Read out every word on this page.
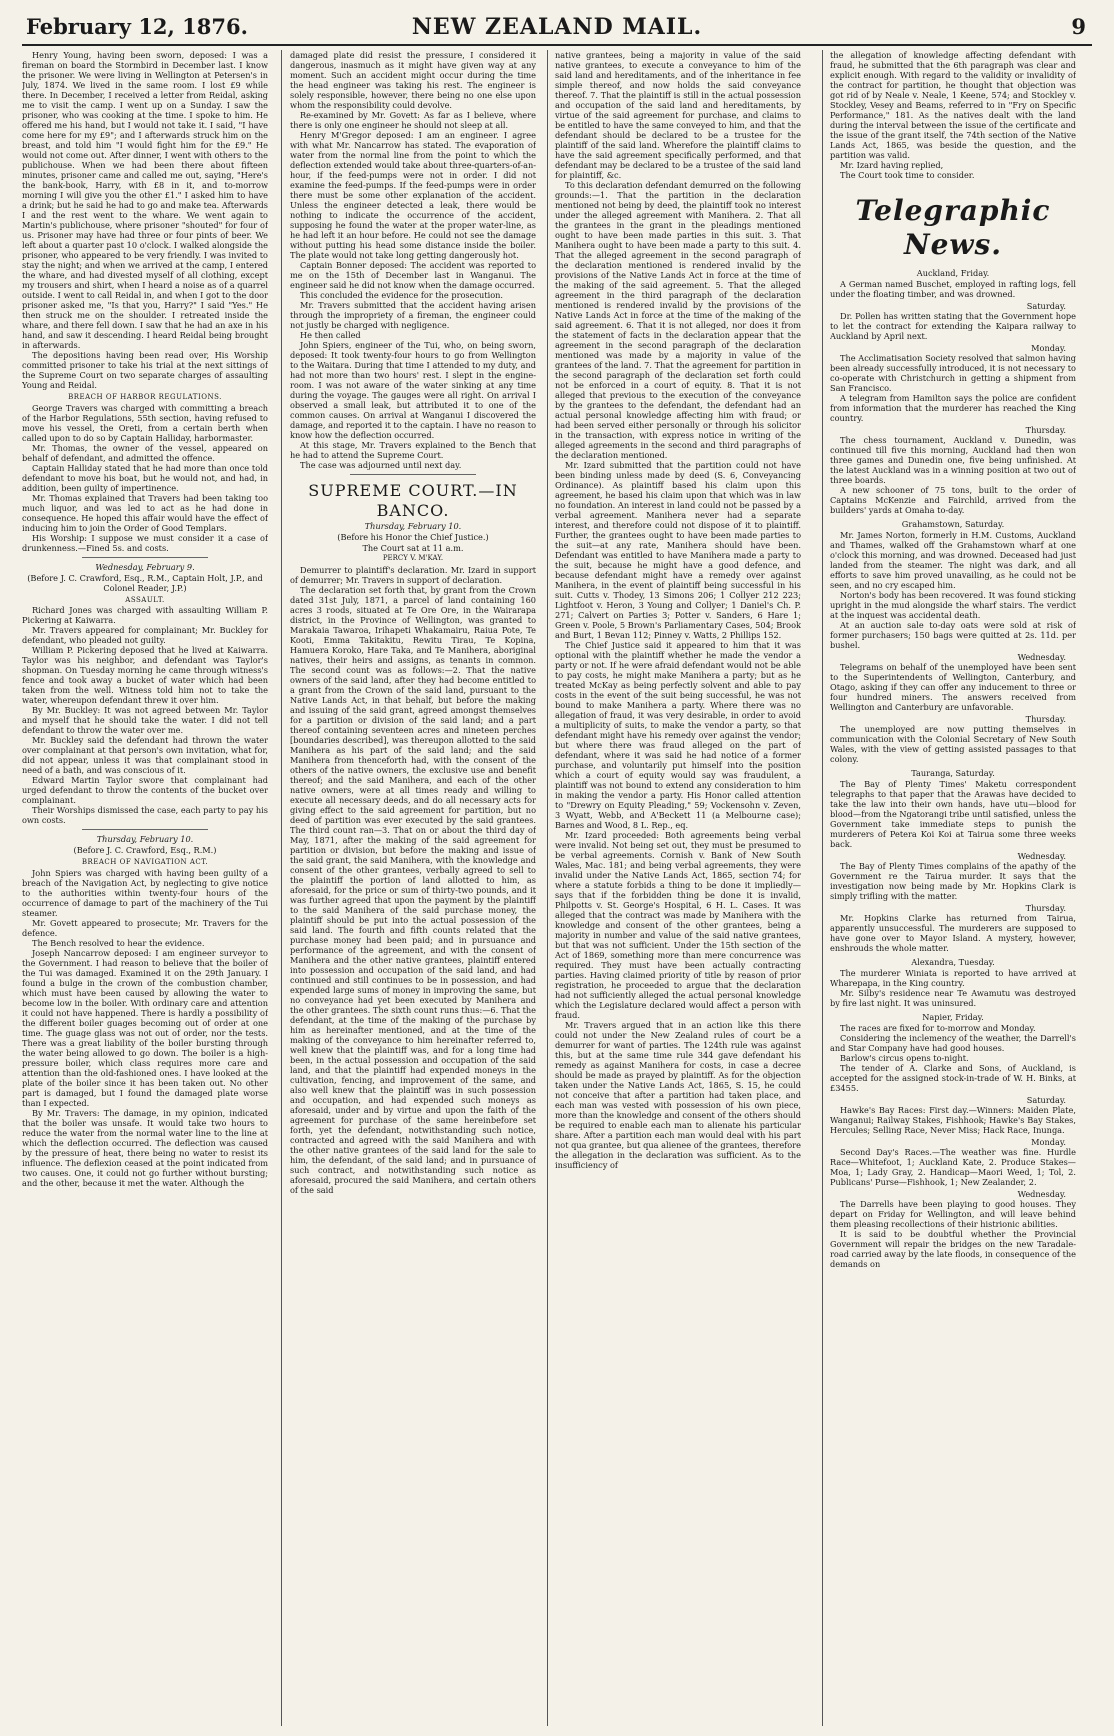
February 12, 1876.	NEW ZEALAND MAIL.	9

Henry Young, having been sworn, deposed: I was a fireman on board the Stormbird in December last. I know the prisoner. We were living in Wellington at Petersen's in July, 1874. We lived in the same room. I lost £9 while there. In December, I received a letter from Reidal, asking me to visit the camp. I went up on a Sunday. I saw the prisoner, who was cooking at the time. I spoke to him. He offered me his hand, but I would not take it. I said, "I have come here for my £9"; and I afterwards struck him on the breast, and told him "I would fight him for the £9." He would not come out. After dinner, I went with others to the publichouse. When we had been there about fifteen minutes, prisoner came and called me out, saying, "Here's the bank-book, Harry, with £8 in it, and to-morrow morning I will give you the other £1." I asked him to have a drink; but he said he had to go and make tea. Afterwards I and the rest went to the whare. We went again to Martin's publichouse, where prisoner "shouted" for four of us. Prisoner may have had three or four pints of beer. We left about a quarter past 10 o'clock. I walked alongside the prisoner, who appeared to be very friendly. I was invited to stay the night; and when we arrived at the camp, I entered the whare, and had divested myself of all clothing, except my trousers and shirt, when I heard a noise as of a quarrel outside. I went to call Reidal in, and when I got to the door prisoner asked me, "Is that you, Harry?" I said "Yes." He then struck me on the shoulder. I retreated inside the whare, and there fell down. I saw that he had an axe in his hand, and saw it descending. I heard Reidal being brought in afterwards.

The depositions having been read over, His Worship committed prisoner to take his trial at the next sittings of the Supreme Court on two separate charges of assaulting Young and Reidal.

BREACH OF HARBOR REGULATIONS.

George Travers was charged with committing a breach of the Harbor Regulations, 55th section, having refused to move his vessel, the Oreti, from a certain berth when called upon to do so by Captain Halliday, harbormaster.

Mr. Thomas, the owner of the vessel, appeared on behalf of defendant, and admitted the offence.

Captain Halliday stated that he had more than once told defendant to move his boat, but he would not, and had, in addition, been guilty of impertinence.

Mr. Thomas explained that Travers had been taking too much liquor, and was led to act as he had done in consequence. He hoped this affair would have the effect of inducing him to join the Order of Good Templars.

His Worship: I suppose we must consider it a case of drunkenness.—Fined 5s. and costs.

Wednesday, February 9.
(Before J. C. Crawford, Esq., R.M., Captain Holt, J.P., and Colonel Reader, J.P.)
ASSAULT.

Richard Jones was charged with assaulting William P. Pickering at Kaiwarra.

Mr. Travers appeared for complainant; Mr. Buckley for defendant, who pleaded not guilty.

William P. Pickering deposed that he lived at Kaiwarra. Taylor was his neighbor, and defendant was Taylor's shopman. On Tuesday morning he came through witness's fence and took away a bucket of water which had been taken from the well. Witness told him not to take the water, whereupon defendant threw it over him.

By Mr. Buckley: It was not agreed between Mr. Taylor and myself that he should take the water. I did not tell defendant to throw the water over me.

Mr. Buckley said the defendant had thrown the water over complainant at that person's own invitation, what for, did not appear, unless it was that complainant stood in need of a bath, and was conscious of it.

Edward Martin Taylor swore that complainant had urged defendant to throw the contents of the bucket over complainant.

Their Worships dismissed the case, each party to pay his own costs.

Thursday, February 10.
(Before J. C. Crawford, Esq., R.M.)
BREACH OF NAVIGATION ACT.

John Spiers was charged with having been guilty of a breach of the Navigation Act, by neglecting to give notice to the authorities within twenty-four hours of the occurrence of damage to part of the machinery of the Tui steamer.

Mr. Govett appeared to prosecute; Mr. Travers for the defence.

The Bench resolved to hear the evidence.

Joseph Nancarrow deposed: I am engineer surveyor to the Government. I had reason to believe that the boiler of the Tui was damaged. Examined it on the 29th January. I found a bulge in the crown of the combustion chamber, which must have been caused by allowing the water to become low in the boiler. With ordinary care and attention it could not have happened. There is hardly a possibility of the different boiler guages becoming out of order at one time. The guage glass was not out of order, nor the tests. There was a great liability of the boiler bursting through the water being allowed to go down. The boiler is a high-pressure boiler, which class requires more care and attention than the old-fashioned ones. I have looked at the plate of the boiler since it has been taken out. No other part is damaged, but I found the damaged plate worse than I expected.

By Mr. Travers: The damage, in my opinion, indicated that the boiler was unsafe. It would take two hours to reduce the water from the normal water line to the line at which the deflection occurred. The deflection was caused by the pressure of heat, there being no water to resist its influence. The deflexion ceased at the point indicated from two causes. One, it could not go further without bursting; and the other, because it met the water. Although the

damaged plate did resist the pressure, I considered it dangerous, inasmuch as it might have given way at any moment. Such an accident might occur during the time the head engineer was taking his rest. The engineer is solely responsible, however, there being no one else upon whom the responsibility could devolve.

Re-examined by Mr. Govett: As far as I believe, where there is only one engineer he should not sleep at all.

Henry M'Gregor deposed: I am an engineer. I agree with what Mr. Nancarrow has stated. The evaporation of water from the normal line from the point to which the deflection extended would take about three-quarters-of-an-hour, if the feed-pumps were not in order. I did not examine the feed-pumps. If the feed-pumps were in order there must be some other explanation of the accident. Unless the engineer detected a leak, there would be nothing to indicate the occurrence of the accident, supposing he found the water at the proper water-line, as he had left it an hour before. He could not see the damage without putting his head some distance inside the boiler. The plate would not take long getting dangerously hot.

Captain Bonner deposed: The accident was reported to me on the 15th of December last in Wanganui. The engineer said he did not know when the damage occurred.

This concluded the evidence for the prosecution.

Mr. Travers submitted that the accident having arisen through the impropriety of a fireman, the engineer could not justly be charged with negligence.

He then called

John Spiers, engineer of the Tui, who, on being sworn, deposed: It took twenty-four hours to go from Wellington to the Waitara. During that time I attended to my duty, and had not more than two hours' rest. I slept in the engine-room. I was not aware of the water sinking at any time during the voyage. The gauges were all right. On arrival I observed a small leak, but attributed it to one of the common causes. On arrival at Wanganui I discovered the damage, and reported it to the captain. I have no reason to know how the deflection occurred.

At this stage, Mr. Travers explained to the Bench that he had to attend the Supreme Court.

The case was adjourned until next day.

SUPREME COURT.—IN BANCO.
Thursday, February 10.
(Before his Honor the Chief Justice.)
The Court sat at 11 a.m.
PERCY V. M'KAY.

Demurrer to plaintiff's declaration. Mr. Izard in support of demurrer; Mr. Travers in support of declaration.

The declaration set forth that, by grant from the Crown dated 31st July, 1871, a parcel of land containing 160 acres 3 roods, situated at Te Ore Ore, in the Wairarapa district, in the Province of Wellington, was granted to Marakaia Tawaroa, Irihapeti Whakamairu, Raiua Pote, Te Kooti, Emma Takitakitu, Rewitu Tirau, Te Kopina, Hamuera Koroko, Hare Taka, and Te Manihera, aboriginal natives, their heirs and assigns, as tenants in common. The second count was as follows:—2. That the native owners of the said land, after they had become entitled to a grant from the Crown of the said land, pursuant to the Native Lands Act, in that behalf, but before the making and issuing of the said grant, agreed amongst themselves for a partition or division of the said land; and a part thereof containing seventeen acres and nineteen perches [boundaries described], was thereupon allotted to the said Manihera as his part of the said land; and the said Manihera from thenceforth had, with the consent of the others of the native owners, the exclusive use and benefit thereof; and the said Manihera, and each of the other native owners, were at all times ready and willing to execute all necessary deeds, and do all necessary acts for giving effect to the said agreement for partition, but no deed of partition was ever executed by the said grantees. The third count ran—3. That on or about the third day of May, 1871, after the making of the said agreement for partition or division, but before the making and issue of the said grant, the said Manihera, with the knowledge and consent of the other grantees, verbally agreed to sell to the plaintiff the portion of land allotted to him, as aforesaid, for the price or sum of thirty-two pounds, and it was further agreed that upon the payment by the plaintiff to the said Manihera of the said purchase money, the plaintiff should be put into the actual possession of the said land. The fourth and fifth counts related that the purchase money had been paid; and in pursuance and performance of the agreement, and with the consent of Manihera and the other native grantees, plaintiff entered into possession and occupation of the said land, and had continued and still continues to be in possession, and had expended large sums of money in improving the same, but no conveyance had yet been executed by Manihera and the other grantees. The sixth count runs thus:—6. That the defendant, at the time of the making of the purchase by him as hereinafter mentioned, and at the time of the making of the conveyance to him hereinafter referred to, well knew that the plaintiff was, and for a long time had been, in the actual possession and occupation of the said land, and that the plaintiff had expended moneys in the cultivation, fencing, and improvement of the same, and also well knew that the plaintiff was in such possession and occupation, and had expended such moneys as aforesaid, under and by virtue and upon the faith of the agreement for purchase of the same hereinbefore set forth, yet the defendant, notwithstanding such notice, contracted and agreed with the said Manihera and with the other native grantees of the said land for the sale to him, the defendant, of the said land; and in pursuance of such contract, and notwithstanding such notice as aforesaid, procured the said Manihera, and certain others of the said

native grantees, being a majority in value of the said native grantees, to execute a conveyance to him of the said land and hereditaments, and of the inheritance in fee simple thereof, and now holds the said conveyance thereof. 7. That the plaintiff is still in the actual possession and occupation of the said land and hereditaments, by virtue of the said agreement for purchase, and claims to be entitled to have the same conveyed to him, and that the defendant should be declared to be a trustee for the plaintiff of the said land. Wherefore the plaintiff claims to have the said agreement specifically performed, and that defendant may be declared to be a trustee of the said land for plaintiff, &c.

To this declaration defendant demurred on the following grounds:—1. That the partition in the declaration mentioned not being by deed, the plaintiff took no interest under the alleged agreement with Manihera. 2. That all the grantees in the grant in the pleadings mentioned ought to have been made parties in this suit. 3. That Manihera ought to have been made a party to this suit. 4. That the alleged agreement in the second paragraph of the declaration mentioned is rendered invalid by the provisions of the Native Lands Act in force at the time of the making of the said agreement. 5. That the alleged agreement in the third paragraph of the declaration mentioned is rendered invalid by the provisions of the Native Lands Act in force at the time of the making of the said agreement. 6. That it is not alleged, nor does it from the statement of facts in the declaration appear that the agreement in the second paragraph of the declaration mentioned was made by a majority in value of the grantees of the land. 7. That the agreement for partition in the second paragraph of the declaration set forth could not be enforced in a court of equity. 8. That it is not alleged that previous to the execution of the conveyance by the grantees to the defendant, the defendant had an actual personal knowledge affecting him with fraud; or had been served either personally or through his solicitor in the transaction, with express notice in writing of the alleged agreements in the second and third paragraphs of the declaration mentioned.

Mr. Izard submitted that the partition could not have been binding unless made by deed (S. 6, Conveyancing Ordinance). As plaintiff based his claim upon this agreement, he based his claim upon that which was in law no foundation. An interest in land could not be passed by a verbal agreement. Manihera never had a separate interest, and therefore could not dispose of it to plaintiff. Further, the grantees ought to have been made parties to the suit—at any rate, Manihera should have been. Defendant was entitled to have Manihera made a party to the suit, because he might have a good defence, and because defendant might have a remedy over against Manihera, in the event of plaintiff being successful in his suit. Cutts v. Thodey, 13 Simons 206; 1 Collyer 212 223; Lightfoot v. Heron, 3 Young and Collyer; 1 Daniel's Ch. P. 271; Calvert on Parties 3; Potter v. Sanders, 6 Hare 1; Green v. Poole, 5 Brown's Parliamentary Cases, 504; Brook and Burt, 1 Bevan 112; Pinney v. Watts, 2 Phillips 152.

The Chief Justice said it appeared to him that it was optional with the plaintiff whether he made the vendor a party or not. If he were afraid defendant would not be able to pay costs, he might make Manihera a party; but as he treated McKay as being perfectly solvent and able to pay costs in the event of the suit being successful, he was not bound to make Manihera a party. Where there was no allegation of fraud, it was very desirable, in order to avoid a multiplicity of suits, to make the vendor a party, so that defendant might have his remedy over against the vendor; but where there was fraud alleged on the part of defendant, where it was said he had notice of a former purchase, and voluntarily put himself into the position which a court of equity would say was fraudulent, a plaintiff was not bound to extend any consideration to him in making the vendor a party. His Honor called attention to "Drewry on Equity Pleading," 59; Vockensohn v. Zeven, 3 Wyatt, Webb, and A'Beckett 11 (a Melbourne case); Barnes and Wood, 8 L. Rep., eq.

Mr. Izard proceeded: Both agreements being verbal were invalid. Not being set out, they must be presumed to be verbal agreements. Cornish v. Bank of New South Wales, Mac. 181; and being verbal agreements, they were invalid under the Native Lands Act, 1865, section 74; for where a statute forbids a thing to be done it impliedly—says that if the forbidden thing be done it is invalid, Philpotts v. St. George's Hospital, 6 H. L. Cases. It was alleged that the contract was made by Manihera with the knowledge and consent of the other grantees, being a majority in number and value of the said native grantees, but that was not sufficient. Under the 15th section of the Act of 1869, something more than mere concurrence was required. They must have been actually contracting parties. Having claimed priority of title by reason of prior registration, he proceeded to argue that the declaration had not sufficiently alleged the actual personal knowledge which the Legislature declared would affect a person with fraud.

Mr. Travers argued that in an action like this there could not under the New Zealand rules of court be a demurrer for want of parties. The 124th rule was against this, but at the same time rule 344 gave defendant his remedy as against Manihera for costs, in case a decree should be made as prayed by plaintiff. As for the objection taken under the Native Lands Act, 1865, S. 15, he could not conceive that after a partition had taken place, and each man was vested with possession of his own piece, more than the knowledge and consent of the others should be required to enable each man to alienate his particular share. After a partition each man would deal with his part not qua grantee, but qua alienee of the grantees, therefore the allegation in the declaration was sufficient. As to the insufficiency of

the allegation of knowledge affecting defendant with fraud, he submitted that the 6th paragraph was clear and explicit enough. With regard to the validity or invalidity of the contract for partition, he thought that objection was got rid of by Neale v. Neale, 1 Keene, 574; and Stockley v. Stockley, Vesey and Beams, referred to in "Fry on Specific Performance," 181. As the natives dealt with the land during the interval between the issue of the certificate and the issue of the grant itself, the 74th section of the Native Lands Act, 1865, was beside the question, and the partition was valid.

Mr. Izard having replied,

The Court took time to consider.

Telegraphic News.
Auckland, Friday.

A German named Buschet, employed in rafting logs, fell under the floating timber, and was drowned.

Saturday.

Dr. Pollen has written stating that the Government hope to let the contract for extending the Kaipara railway to Auckland by April next.

Monday.

The Acclimatisation Society resolved that salmon having been already successfully introduced, it is not necessary to co-operate with Christchurch in getting a shipment from San Francisco.

A telegram from Hamilton says the police are confident from information that the murderer has reached the King country.

Thursday.

The chess tournament, Auckland v. Dunedin, was continued till five this morning, Auckland had then won three games and Dunedin one, five being unfinished. At the latest Auckland was in a winning position at two out of three boards.

A new schooner of 75 tons, built to the order of Captains McKenzie and Fairchild, arrived from the builders' yards at Omaha to-day.

Grahamstown, Saturday.

Mr. James Norton, formerly in H.M. Customs, Auckland and Thames, walked off the Grahamstown wharf at one o'clock this morning, and was drowned. Deceased had just landed from the steamer. The night was dark, and all efforts to save him proved unavailing, as he could not be seen, and no cry escaped him.

Norton's body has been recovered. It was found sticking upright in the mud alongside the wharf stairs. The verdict at the inquest was accidental death.

At an auction sale to-day oats were sold at risk of former purchasers; 150 bags were quitted at 2s. 11d. per bushel.

Wednesday.

Telegrams on behalf of the unemployed have been sent to the Superintendents of Wellington, Canterbury, and Otago, asking if they can offer any inducement to three or four hundred miners. The answers received from Wellington and Canterbury are unfavorable.

Thursday.

The unemployed are now putting themselves in communication with the Colonial Secretary of New South Wales, with the view of getting assisted passages to that colony.

Tauranga, Saturday.

The Bay of Plenty Times' Maketu correspondent telegraphs to that paper that the Arawas have decided to take the law into their own hands, have utu—blood for blood—from the Ngatorangi tribe until satisfied, unless the Government take immediate steps to punish the murderers of Petera Koi Koi at Tairua some three weeks back.

Wednesday.

The Bay of Plenty Times complains of the apathy of the Government re the Tairua murder. It says that the investigation now being made by Mr. Hopkins Clark is simply trifling with the matter.

Thursday.

Mr. Hopkins Clarke has returned from Tairua, apparently unsuccessful. The murderers are supposed to have gone over to Mayor Island. A mystery, however, enshrouds the whole matter.

Alexandra, Tuesday.

The murderer Winiata is reported to have arrived at Wharepapa, in the King country.

Mr. Silby's residence near Te Awamutu was destroyed by fire last night. It was uninsured.

Napier, Friday.

The races are fixed for to-morrow and Monday.

Considering the inclemency of the weather, the Darrell's and Star Company have had good houses.

Barlow's circus opens to-night.

The tender of A. Clarke and Sons, of Auckland, is accepted for the assigned stock-in-trade of W. H. Binks, at £3455.

Saturday.

Hawke's Bay Races: First day.—Winners: Maiden Plate, Wanganui; Railway Stakes, Fishhook; Hawke's Bay Stakes, Hercules; Selling Race, Never Miss; Hack Race, Inunga.

Monday.

Second Day's Races.—The weather was fine. Hurdle Race—Whitefoot, 1; Auckland Kate, 2. Produce Stakes—Moa, 1; Lady Gray, 2. Handicap—Maori Weed, 1; Tol, 2. Publicans' Purse—Fishhook, 1; New Zealander, 2.

Wednesday.

The Darrells have been playing to good houses. They depart on Friday for Wellington, and will leave behind them pleasing recollections of their histrionic abilities.

It is said to be doubtful whether the Provincial Government will repair the bridges on the new Taradale-road carried away by the late floods, in consequence of the demands on
